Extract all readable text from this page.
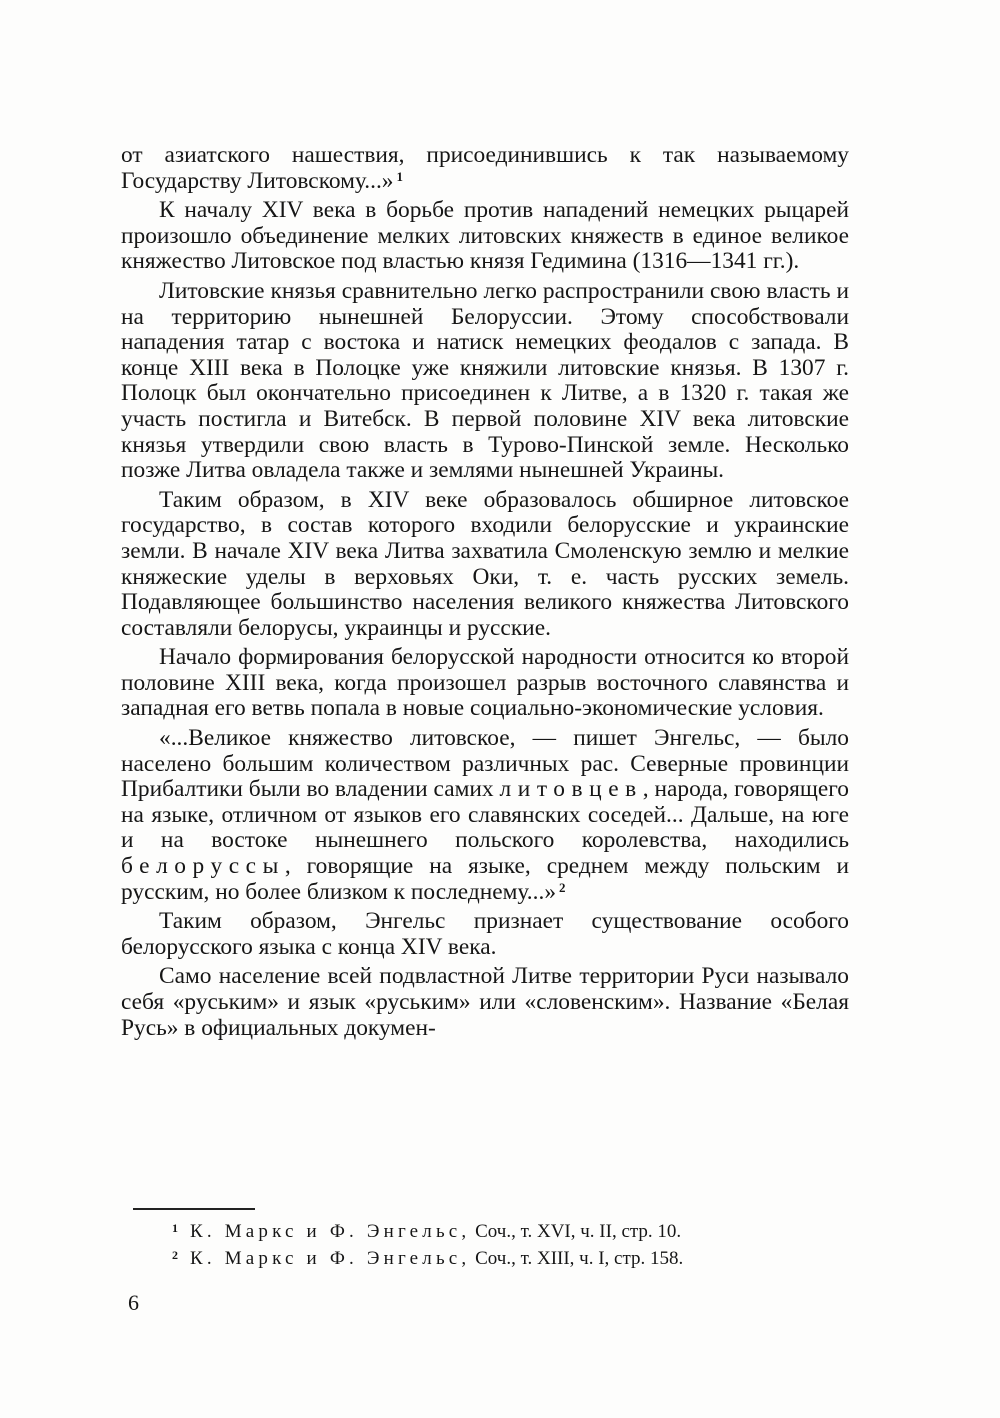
от азиатского нашествия, присоединившись к так называемому Государству Литовскому...» $^1$

К началу XIV века в борьбе против нападений немецких рыцарей произошло объединение мелких литовских княжеств в единое великое княжество Литовское под властью князя Гедимина (1316—1341 гг.).

Литовские князья сравнительно легко распространили свою власть и на территорию нынешней Белоруссии. Этому способствовали нападения татар с востока и натиск немецких феодалов с запада. В конце XIII века в Полоцке уже княжили литовские князья. В 1307 г. Полоцк был окончательно присоединен к Литве, а в 1320 г. такая же участь постигла и Витебск. В первой половине XIV века литовские князья утвердили свою власть в Турово-Пинской земле. Несколько позже Литва овладела также и землями нынешней Украины.

Таким образом, в XIV веке образовалось обширное литовское государство, в состав которого входили белорусские и украинские земли. В начале XIV века Литва захватила Смоленскую землю и мелкие княжеские уделы в верховьях Оки, т. е. часть русских земель. Подавляющее большинство населения великого княжества Литовского составляли белорусы, украинцы и русские.

Начало формирования белорусской народности относится ко второй половине XIII века, когда произошел разрыв восточного славянства и западная его ветвь попала в новые социально-экономические условия.

«...Великое княжество литовское, — пишет Энгельс, — было населено большим количеством различных рас. Северные провинции Прибалтики были во владении самих литовцев, народа, говорящего на языке, отличном от языков его славянских соседей... Дальше, на юге и на востоке нынешнего польского королевства, находились белоруссы, говорящие на языке, среднем между польским и русским, но более близком к последнему...» $^2$

Таким образом, Энгельс признает существование особого белорусского языка с конца XIV века.

Само население всей подвластной Литве территории Руси называло себя «руським» и язык «руським» или «словенским». Название «Белая Русь» в официальных докумен-

1 К. Маркс и Ф. Энгельс,
Соч., т. XVI, ч. II, стр. 10.
2 К. Маркс и Ф. Энгельс,
Соч., т. XIII, ч. I, стр. 158.
6
